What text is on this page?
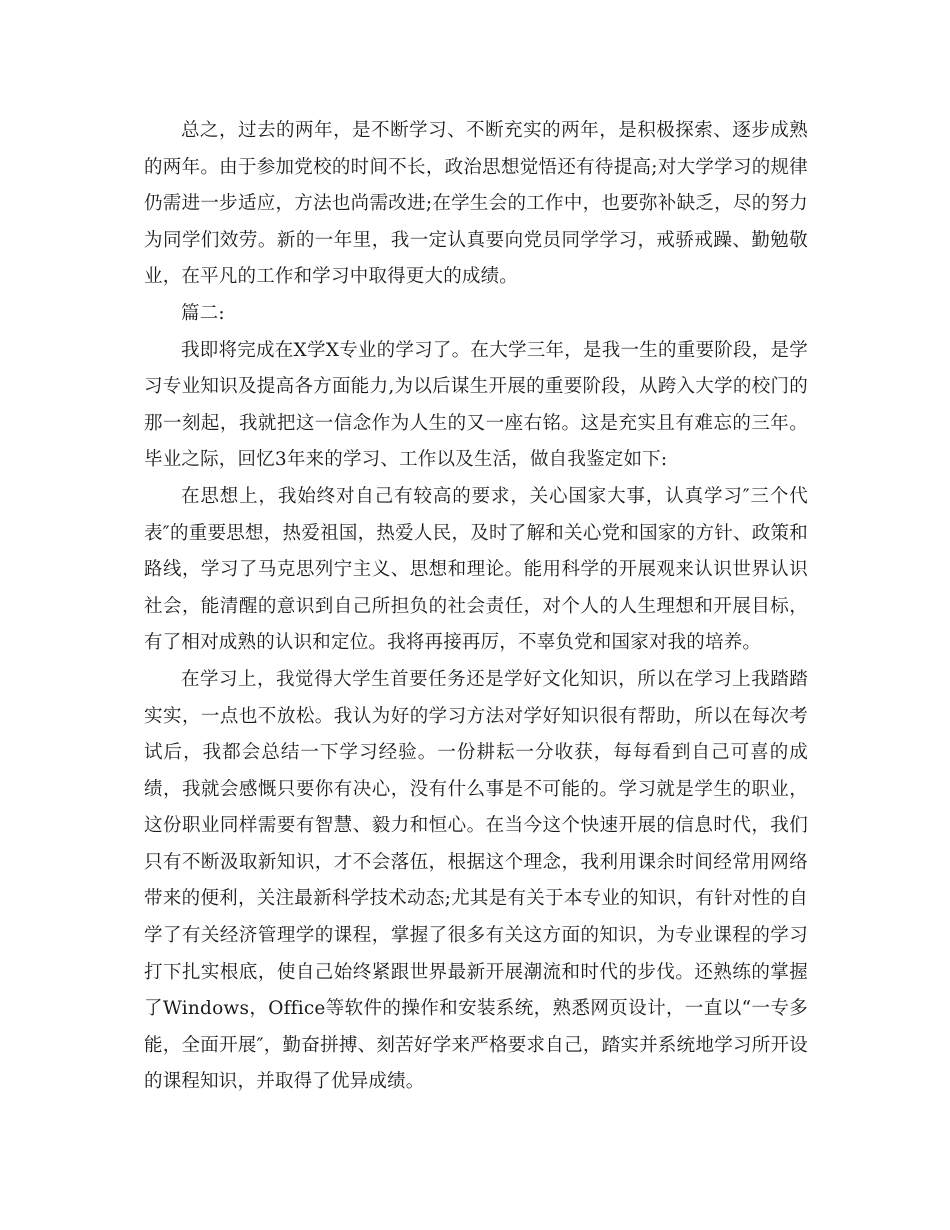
总之，过去的两年，是不断学习、不断充实的两年，是积极探索、逐步成熟的两年。由于参加党校的时间不长，政治思想觉悟还有待提高;对大学学习的规律仍需进一步适应，方法也尚需改进;在学生会的工作中，也要弥补缺乏，尽的努力为同学们效劳。新的一年里，我一定认真要向党员同学学习，戒骄戒躁、勤勉敬业，在平凡的工作和学习中取得更大的成绩。

篇二:

我即将完成在X学X专业的学习了。在大学三年，是我一生的重要阶段，是学习专业知识及提高各方面能力,为以后谋生开展的重要阶段，从跨入大学的校门的那一刻起，我就把这一信念作为人生的又一座右铭。这是充实且有难忘的三年。毕业之际，回忆3年来的学习、工作以及生活，做自我鉴定如下:

在思想上，我始终对自己有较高的要求，关心国家大事，认真学习″三个代表″的重要思想，热爱祖国，热爱人民，及时了解和关心党和国家的方针、政策和路线，学习了马克思列宁主义、思想和理论。能用科学的开展观来认识世界认识社会，能清醒的意识到自己所担负的社会责任，对个人的人生理想和开展目标，有了相对成熟的认识和定位。我将再接再厉，不辜负党和国家对我的培养。

在学习上，我觉得大学生首要任务还是学好文化知识，所以在学习上我踏踏实实，一点也不放松。我认为好的学习方法对学好知识很有帮助，所以在每次考试后，我都会总结一下学习经验。一份耕耘一分收获，每每看到自己可喜的成绩，我就会感慨只要你有决心，没有什么事是不可能的。学习就是学生的职业，这份职业同样需要有智慧、毅力和恒心。在当今这个快速开展的信息时代，我们只有不断汲取新知识，才不会落伍，根据这个理念，我利用课余时间经常用网络带来的便利，关注最新科学技术动态;尤其是有关于本专业的知识，有针对性的自学了有关经济管理学的课程，掌握了很多有关这方面的知识，为专业课程的学习打下扎实根底，使自己始终紧跟世界最新开展潮流和时代的步伐。还熟练的掌握了Windows，Office等软件的操作和安装系统，熟悉网页设计，一直以“一专多能，全面开展″，勤奋拼搏、刻苦好学来严格要求自己，踏实并系统地学习所开设的课程知识，并取得了优异成绩。
